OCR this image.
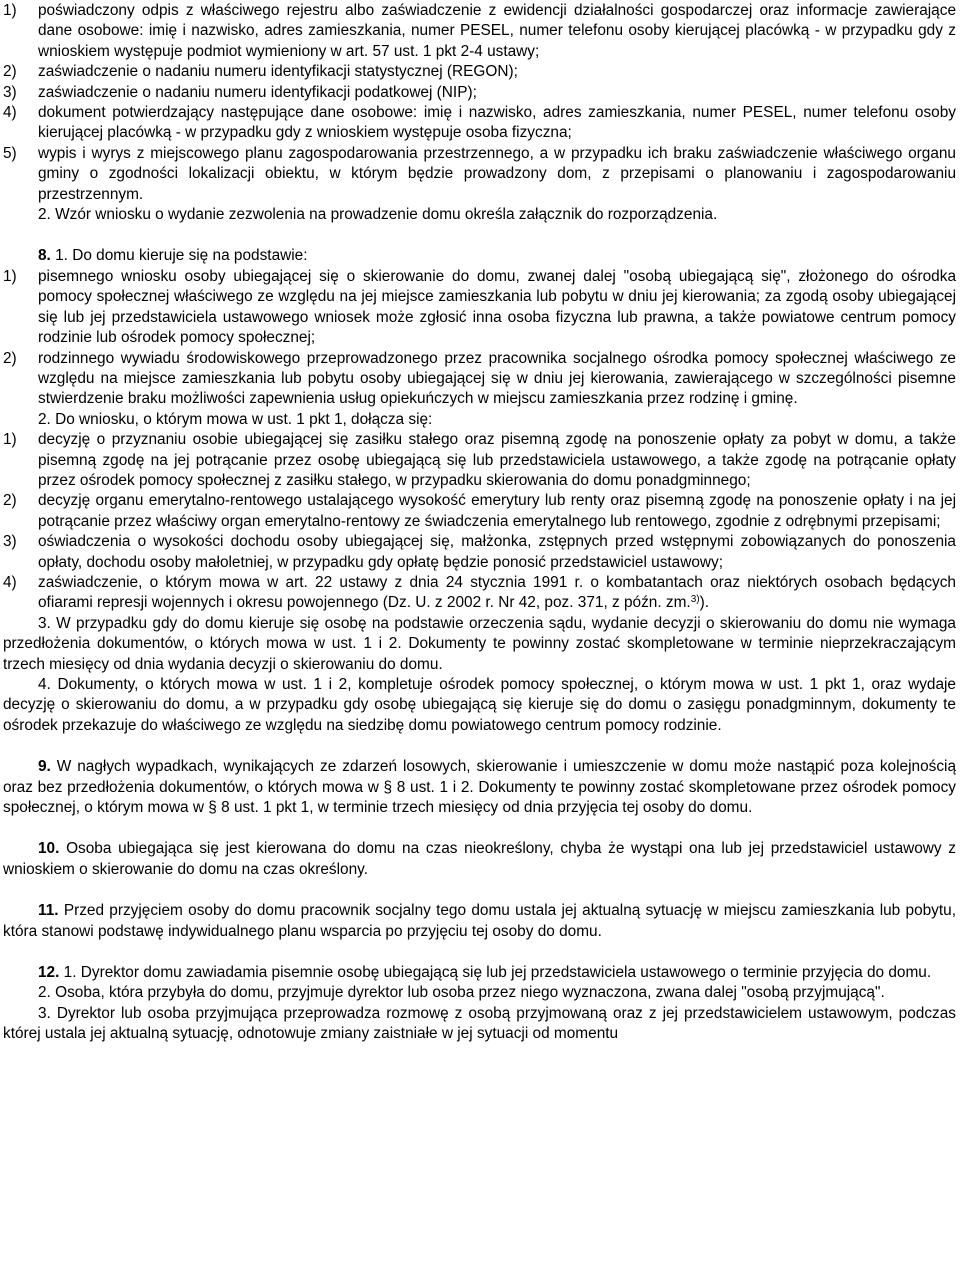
1)	poświadczony odpis z właściwego rejestru albo zaświadczenie z ewidencji działalności gospodarczej oraz informacje zawierające dane osobowe: imię i nazwisko, adres zamieszkania, numer PESEL, numer telefonu osoby kierującej placówką - w przypadku gdy z wnioskiem występuje podmiot wymieniony w art. 57 ust. 1 pkt 2-4 ustawy;
2)	zaświadczenie o nadaniu numeru identyfikacji statystycznej (REGON);
3)	zaświadczenie o nadaniu numeru identyfikacji podatkowej (NIP);
4)	dokument potwierdzający następujące dane osobowe: imię i nazwisko, adres zamieszkania, numer PESEL, numer telefonu osoby kierującej placówką - w przypadku gdy z wnioskiem występuje osoba fizyczna;
5)	wypis i wyrys z miejscowego planu zagospodarowania przestrzennego, a w przypadku ich braku zaświadczenie właściwego organu gminy o zgodności lokalizacji obiektu, w którym będzie prowadzony dom, z przepisami o planowaniu i zagospodarowaniu przestrzennym.
2. Wzór wniosku o wydanie zezwolenia na prowadzenie domu określa załącznik do rozporządzenia.
8. 1. Do domu kieruje się na podstawie:
1)	pisemnego wniosku osoby ubiegającej się o skierowanie do domu, zwanej dalej "osobą ubiegającą się", złożonego do ośrodka pomocy społecznej właściwego ze względu na jej miejsce zamieszkania lub pobytu w dniu jej kierowania; za zgodą osoby ubiegającej się lub jej przedstawiciela ustawowego wniosek może zgłosić inna osoba fizyczna lub prawna, a także powiatowe centrum pomocy rodzinie lub ośrodek pomocy społecznej;
2)	rodzinnego wywiadu środowiskowego przeprowadzonego przez pracownika socjalnego ośrodka pomocy społecznej właściwego ze względu na miejsce zamieszkania lub pobytu osoby ubiegającej się w dniu jej kierowania, zawierającego w szczególności pisemne stwierdzenie braku możliwości zapewnienia usług opiekuńczych w miejscu zamieszkania przez rodzinę i gminę.
2. Do wniosku, o którym mowa w ust. 1 pkt 1, dołącza się:
1)	decyzję o przyznaniu osobie ubiegającej się zasiłku stałego oraz pisemną zgodę na ponoszenie opłaty za pobyt w domu, a także pisemną zgodę na jej potrącanie przez osobę ubiegającą się lub przedstawiciela ustawowego, a także zgodę na potrącanie opłaty przez ośrodek pomocy społecznej z zasiłku stałego, w przypadku skierowania do domu ponadgminnego;
2)	decyzję organu emerytalno-rentowego ustalającego wysokość emerytury lub renty oraz pisemną zgodę na ponoszenie opłaty i na jej potrącanie przez właściwy organ emerytalno-rentowy ze świadczenia emerytalnego lub rentowego, zgodnie z odrębnymi przepisami;
3)	oświadczenia o wysokości dochodu osoby ubiegającej się, małżonka, zstępnych przed wstępnymi zobowiązanych do ponoszenia opłaty, dochodu osoby małoletniej, w przypadku gdy opłatę będzie ponosić przedstawiciel ustawowy;
4)	zaświadczenie, o którym mowa w art. 22 ustawy z dnia 24 stycznia 1991 r. o kombatantach oraz niektórych osobach będących ofiarami represji wojennych i okresu powojennego (Dz. U. z 2002 r. Nr 42, poz. 371, z późn. zm.$^{3)}$).
3. W przypadku gdy do domu kieruje się osobę na podstawie orzeczenia sądu, wydanie decyzji o skierowaniu do domu nie wymaga przedłożenia dokumentów, o których mowa w ust. 1 i 2. Dokumenty te powinny zostać skompletowane w terminie nieprzekraczającym trzech miesięcy od dnia wydania decyzji o skierowaniu do domu.
4. Dokumenty, o których mowa w ust. 1 i 2, kompletuje ośrodek pomocy społecznej, o którym mowa w ust. 1 pkt 1, oraz wydaje decyzję o skierowaniu do domu, a w przypadku gdy osobę ubiegającą się kieruje się do domu o zasięgu ponadgminnym, dokumenty te ośrodek przekazuje do właściwego ze względu na siedzibę domu powiatowego centrum pomocy rodzinie.
9. W nagłych wypadkach, wynikających ze zdarzeń losowych, skierowanie i umieszczenie w domu może nastąpić poza kolejnością oraz bez przedłożenia dokumentów, o których mowa w § 8 ust. 1 i 2. Dokumenty te powinny zostać skompletowane przez ośrodek pomocy społecznej, o którym mowa w § 8 ust. 1 pkt 1, w terminie trzech miesięcy od dnia przyjęcia tej osoby do domu.
10. Osoba ubiegająca się jest kierowana do domu na czas nieokreślony, chyba że wystąpi ona lub jej przedstawiciel ustawowy z wnioskiem o skierowanie do domu na czas określony.
11. Przed przyjęciem osoby do domu pracownik socjalny tego domu ustala jej aktualną sytuację w miejscu zamieszkania lub pobytu, która stanowi podstawę indywidualnego planu wsparcia po przyjęciu tej osoby do domu.
12. 1. Dyrektor domu zawiadamia pisemnie osobę ubiegającą się lub jej przedstawiciela ustawowego o terminie przyjęcia do domu.
2. Osoba, która przybyła do domu, przyjmuje dyrektor lub osoba przez niego wyznaczona, zwana dalej "osobą przyjmującą".
3. Dyrektor lub osoba przyjmująca przeprowadza rozmowę z osobą przyjmowaną oraz z jej przedstawicielem ustawowym, podczas której ustala jej aktualną sytuację, odnotowuje zmiany zaistniałe w jej sytuacji od momentu
